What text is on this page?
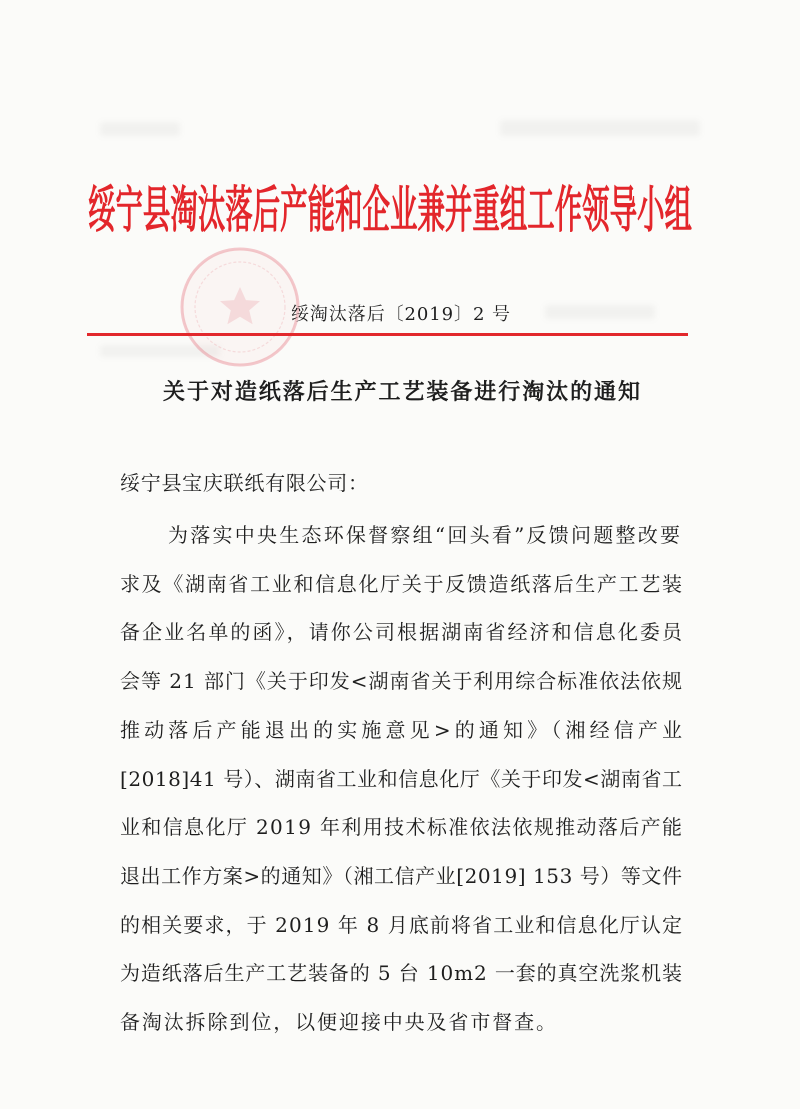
绥宁县淘汰落后产能和企业兼并重组工作领导小组
绥淘汰落后〔2019〕2 号
关于对造纸落后生产工艺装备进行淘汰的通知
绥宁县宝庆联纸有限公司：
为落实中央生态环保督察组“回头看”反馈问题整改要
求及《湖南省工业和信息化厅关于反馈造纸落后生产工艺装
备企业名单的函》，请你公司根据湖南省经济和信息化委员
会等 21 部门《关于印发<湖南省关于利用综合标准依法依规
推动落后产能退出的实施意见>的通知》（湘经信产业
[2018]41 号）、湖南省工业和信息化厅《关于印发<湖南省工
业和信息化厅 2019 年利用技术标准依法依规推动落后产能
退出工作方案>的通知》（湘工信产业[2019] 153 号）等文件
的相关要求，于 2019 年 8 月底前将省工业和信息化厅认定
为造纸落后生产工艺装备的 5 台 10m2 一套的真空洗浆机装
备淘汰拆除到位，以便迎接中央及省市督查。
